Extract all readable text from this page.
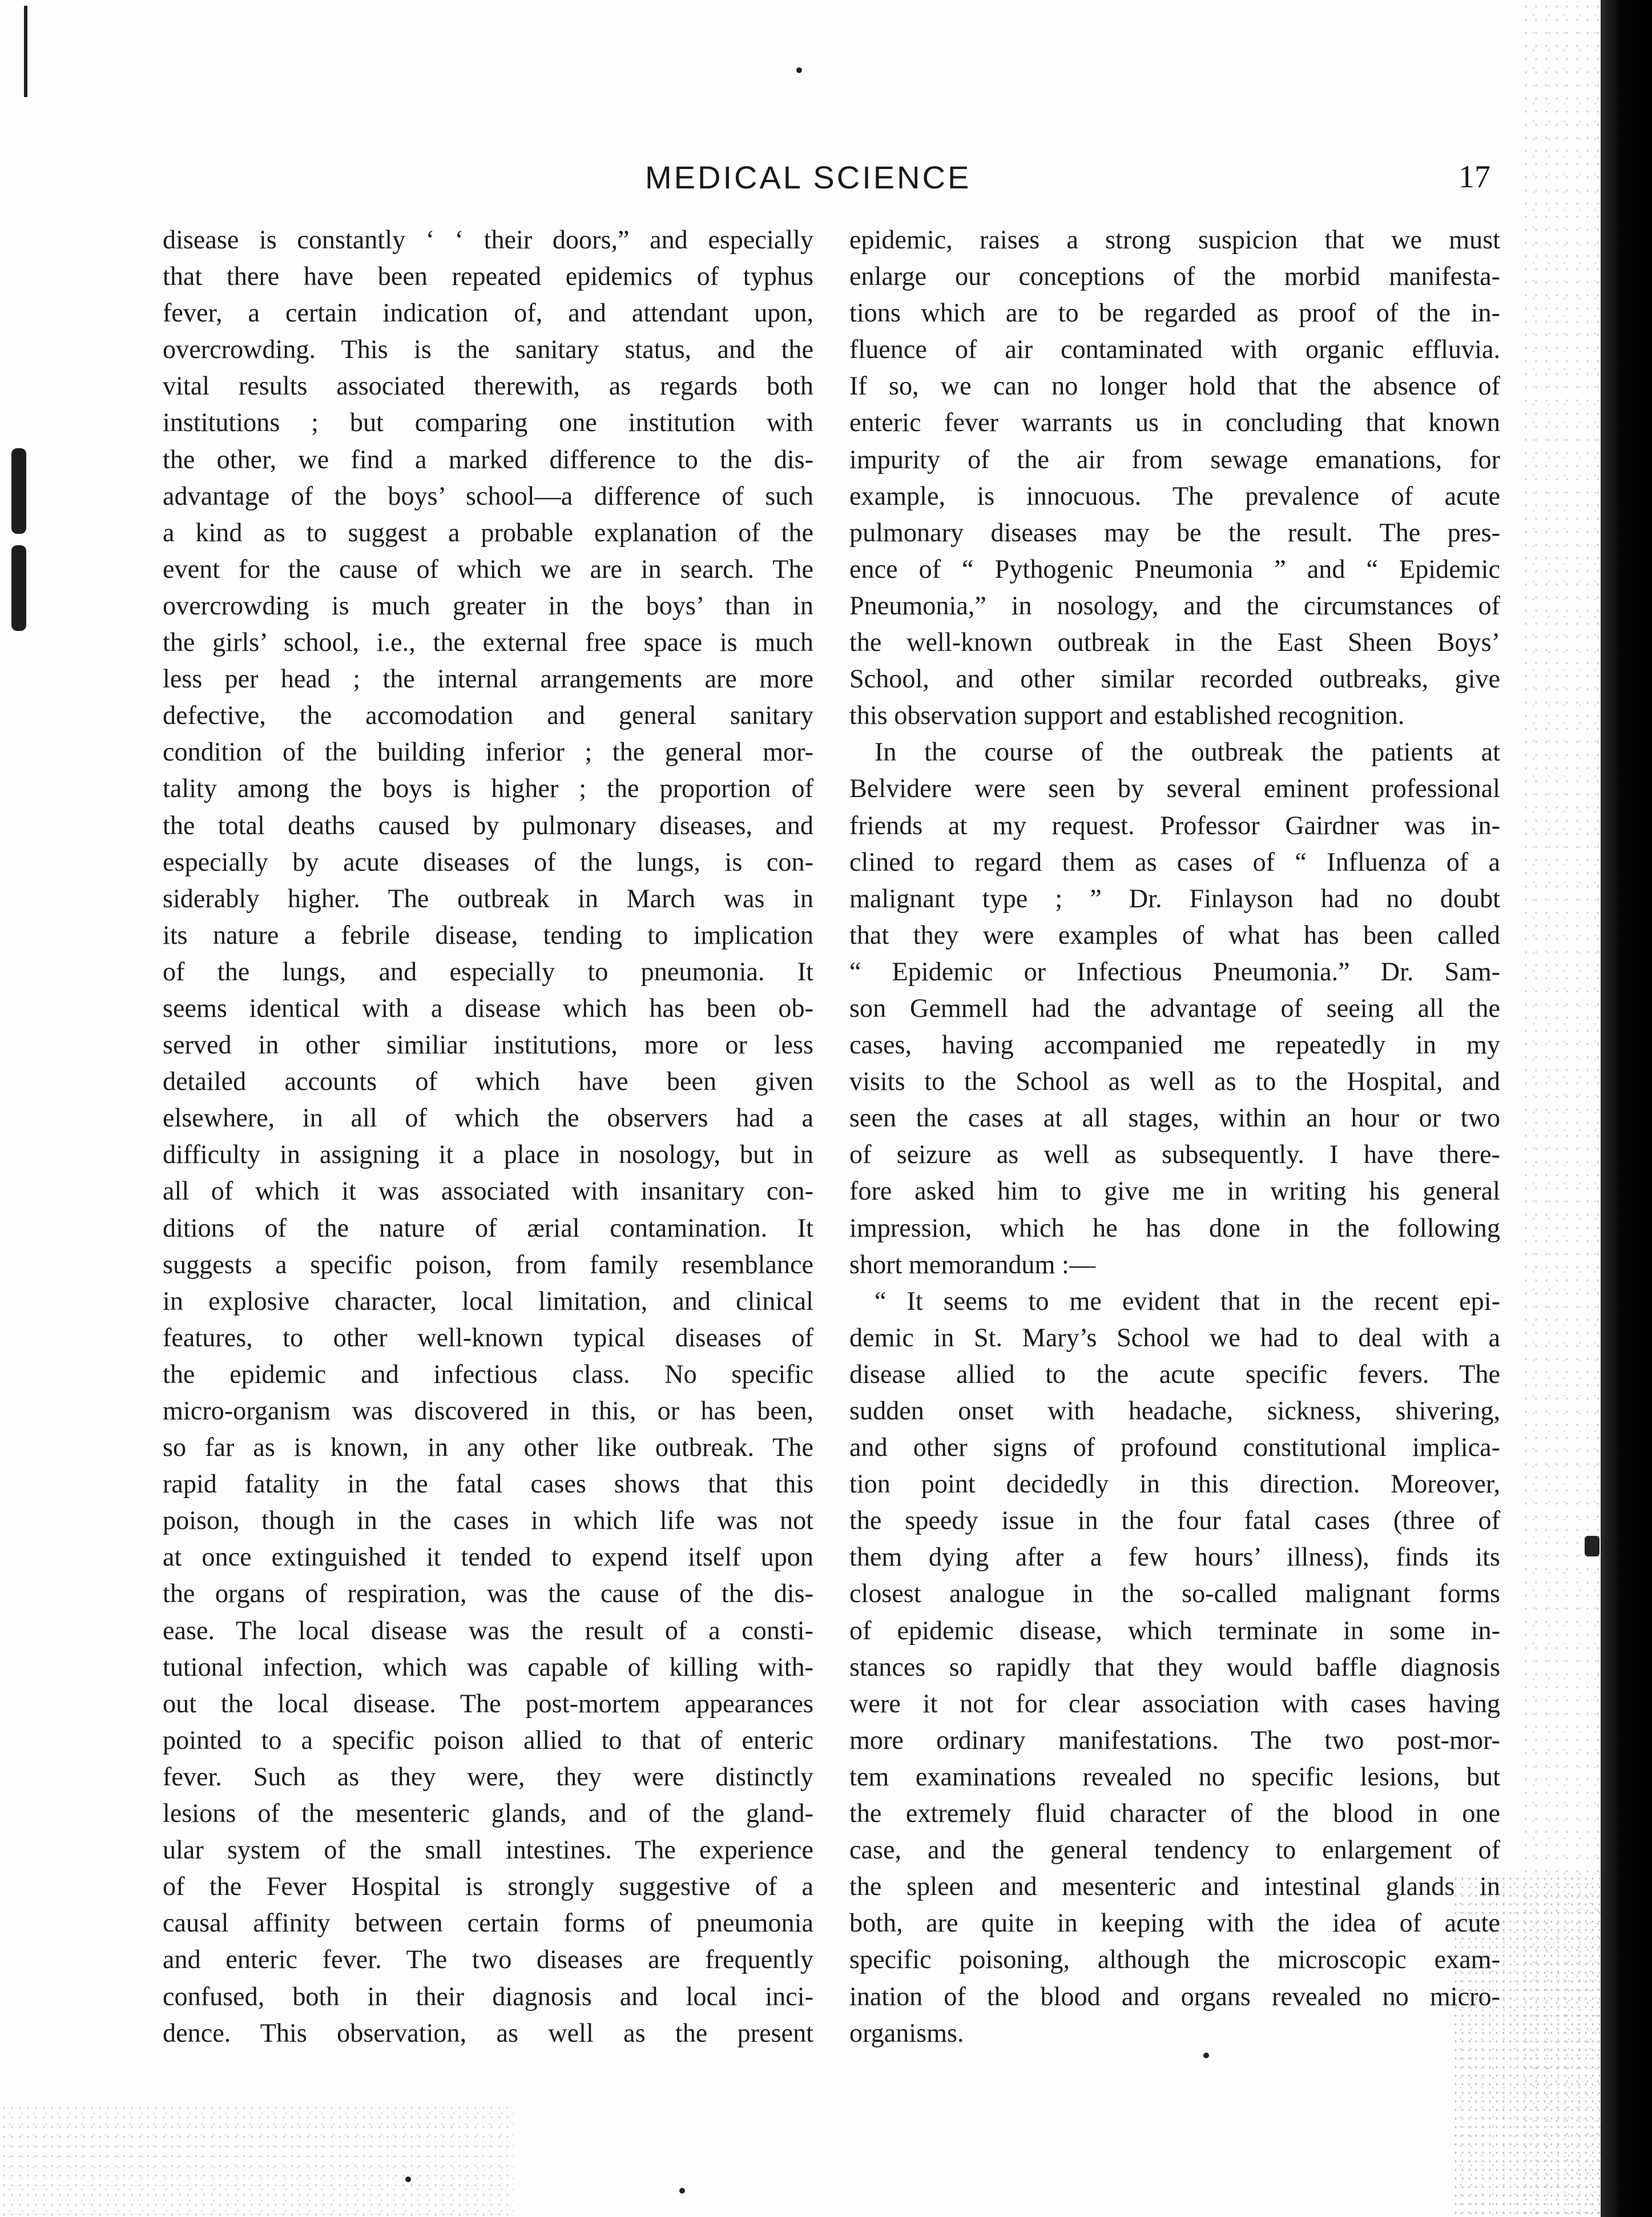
MEDICAL SCIENCE	17
disease is constantly ‘ ‘ their doors,” and especially
that there have been repeated epidemics of typhus
fever, a certain indication of, and attendant upon,
overcrowding. This is the sanitary status, and the
vital results associated therewith, as regards both
institutions ; but comparing one institution with
the other, we find a marked difference to the dis-
advantage of the boys’ school—a difference of such
a kind as to suggest a probable explanation of the
event for the cause of which we are in search. The
overcrowding is much greater in the boys’ than in
the girls’ school, i.e., the external free space is much
less per head ; the internal arrangements are more
defective, the accomodation and general sanitary
condition of the building inferior ; the general mor-
tality among the boys is higher ; the proportion of
the total deaths caused by pulmonary diseases, and
especially by acute diseases of the lungs, is con-
siderably higher. The outbreak in March was in
its nature a febrile disease, tending to implication
of the lungs, and especially to pneumonia. It
seems identical with a disease which has been ob-
served in other similiar institutions, more or less
detailed accounts of which have been given
elsewhere, in all of which the observers had a
difficulty in assigning it a place in nosology, but in
all of which it was associated with insanitary con-
ditions of the nature of ærial contamination. It
suggests a specific poison, from family resemblance
in explosive character, local limitation, and clinical
features, to other well-known typical diseases of
the epidemic and infectious class. No specific
micro-organism was discovered in this, or has been,
so far as is known, in any other like outbreak. The
rapid fatality in the fatal cases shows that this
poison, though in the cases in which life was not
at once extinguished it tended to expend itself upon
the organs of respiration, was the cause of the dis-
ease. The local disease was the result of a consti-
tutional infection, which was capable of killing with-
out the local disease. The post-mortem appearances
pointed to a specific poison allied to that of enteric
fever. Such as they were, they were distinctly
lesions of the mesenteric glands, and of the gland-
ular system of the small intestines. The experience
of the Fever Hospital is strongly suggestive of a
causal affinity between certain forms of pneumonia
and enteric fever. The two diseases are frequently
confused, both in their diagnosis and local inci-
dence. This observation, as well as the present
epidemic, raises a strong suspicion that we must
enlarge our conceptions of the morbid manifesta-
tions which are to be regarded as proof of the in-
fluence of air contaminated with organic effluvia.
If so, we can no longer hold that the absence of
enteric fever warrants us in concluding that known
impurity of the air from sewage emanations, for
example, is innocuous. The prevalence of acute
pulmonary diseases may be the result. The pres-
ence of “ Pythogenic Pneumonia ” and “ Epidemic
Pneumonia,” in nosology, and the circumstances of
the well-known outbreak in the East Sheen Boys’
School, and other similar recorded outbreaks, give
this observation support and established recognition.
In the course of the outbreak the patients at
Belvidere were seen by several eminent professional
friends at my request. Professor Gairdner was in-
clined to regard them as cases of “ Influenza of a
malignant type ; ” Dr. Finlayson had no doubt
that they were examples of what has been called
“ Epidemic or Infectious Pneumonia.” Dr. Sam-
son Gemmell had the advantage of seeing all the
cases, having accompanied me repeatedly in my
visits to the School as well as to the Hospital, and
seen the cases at all stages, within an hour or two
of seizure as well as subsequently. I have there-
fore asked him to give me in writing his general
impression, which he has done in the following
short memorandum :—
“ It seems to me evident that in the recent epi-
demic in St. Mary’s School we had to deal with a
disease allied to the acute specific fevers. The
sudden onset with headache, sickness, shivering,
and other signs of profound constitutional implica-
tion point decidedly in this direction. Moreover,
the speedy issue in the four fatal cases (three of
them dying after a few hours’ illness), finds its
closest analogue in the so-called malignant forms
of epidemic disease, which terminate in some in-
stances so rapidly that they would baffle diagnosis
were it not for clear association with cases having
more ordinary manifestations. The two post-mor-
tem examinations revealed no specific lesions, but
the extremely fluid character of the blood in one
case, and the general tendency to enlargement of
the spleen and mesenteric and intestinal glands in
both, are quite in keeping with the idea of acute
specific poisoning, although the microscopic exam-
ination of the blood and organs revealed no micro-
organisms.
